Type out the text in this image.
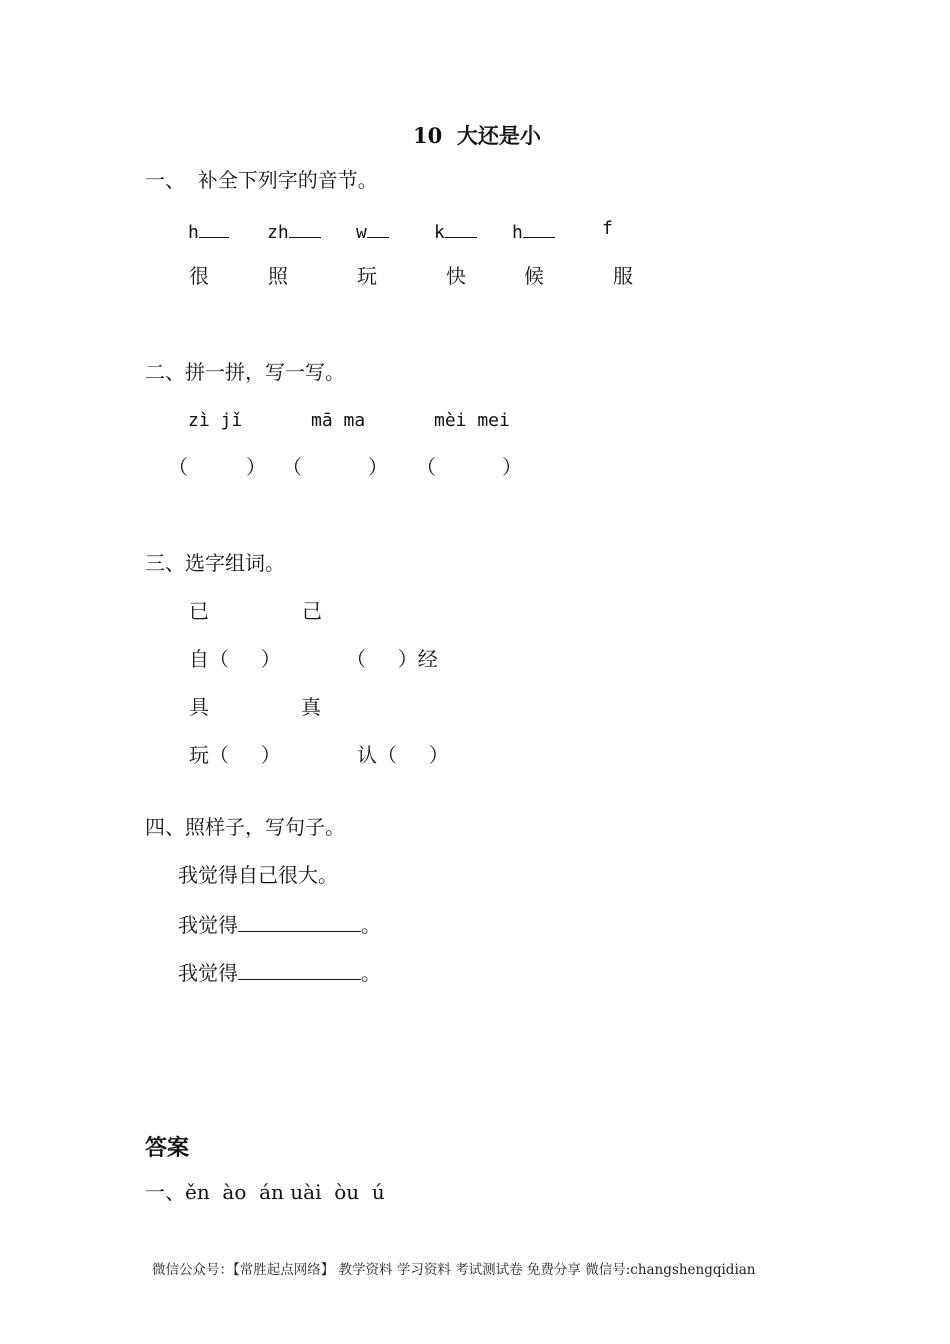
10  大还是小
一、  补全下列字的音节。
h	zh	w	k	h	f
很	照	玩	快	候	服
二、拼一拼，写一写。
zì jǐ	mā ma	mèi mei
（	） （	） （	）
三、选字组词。
已	己
自（     ）	（     ）经
具	真
玩（     ）	认（     ）
四、照样子，写句子。
我觉得自己很大。
我觉得	。
我觉得	。
答案
一、ěn  ào  án uài  òu  ú
微信公众号：【常胜起点网络】 教学资料 学习资料 考试测试卷 免费分享 微信号:changshengqidian
